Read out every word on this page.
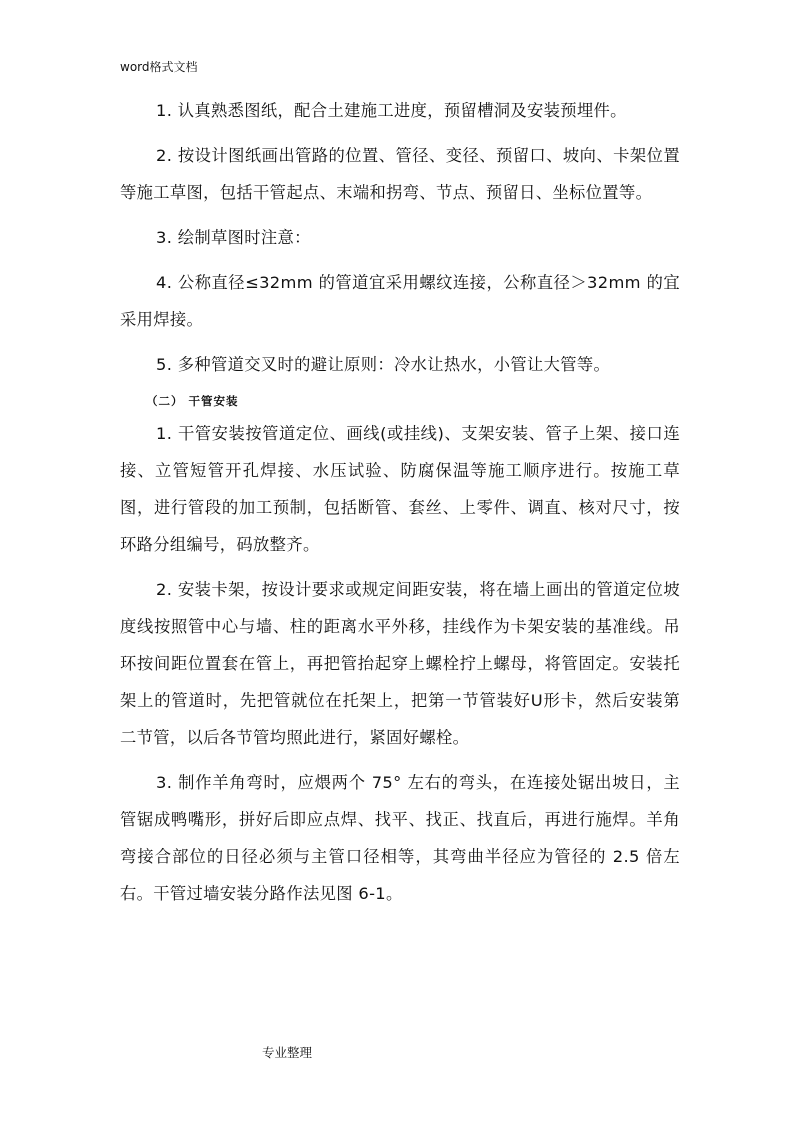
word格式文档

1. 认真熟悉图纸，配合土建施工进度，预留槽洞及安装预埋件。

2. 按设计图纸画出管路的位置、管径、变径、预留口、坡向、卡架位置等施工草图，包括干管起点、末端和拐弯、节点、预留日、坐标位置等。

3. 绘制草图时注意：

4. 公称直径≤32mm 的管道宜采用螺纹连接，公称直径＞32mm 的宜采用焊接。

5. 多种管道交叉时的避让原则：冷水让热水，小管让大管等。

（二） 干管安装

1. 干管安装按管道定位、画线(或挂线)、支架安装、管子上架、接口连接、立管短管开孔焊接、水压试验、防腐保温等施工顺序进行。按施工草图，进行管段的加工预制，包括断管、套丝、上零件、调直、核对尺寸，按环路分组编号，码放整齐。

2. 安装卡架，按设计要求或规定间距安装，将在墙上画出的管道定位坡度线按照管中心与墙、柱的距离水平外移，挂线作为卡架安装的基准线。吊环按间距位置套在管上，再把管抬起穿上螺栓拧上螺母，将管固定。安装托架上的管道时，先把管就位在托架上，把第一节管装好U形卡，然后安装第二节管，以后各节管均照此进行，紧固好螺栓。

3. 制作羊角弯时，应煨两个 75° 左右的弯头，在连接处锯出坡日，主管锯成鸭嘴形，拼好后即应点焊、找平、找正、找直后，再进行施焊。羊角弯接合部位的日径必须与主管口径相等，其弯曲半径应为管径的 2.5 倍左右。干管过墙安装分路作法见图 6-1。

专业整理
